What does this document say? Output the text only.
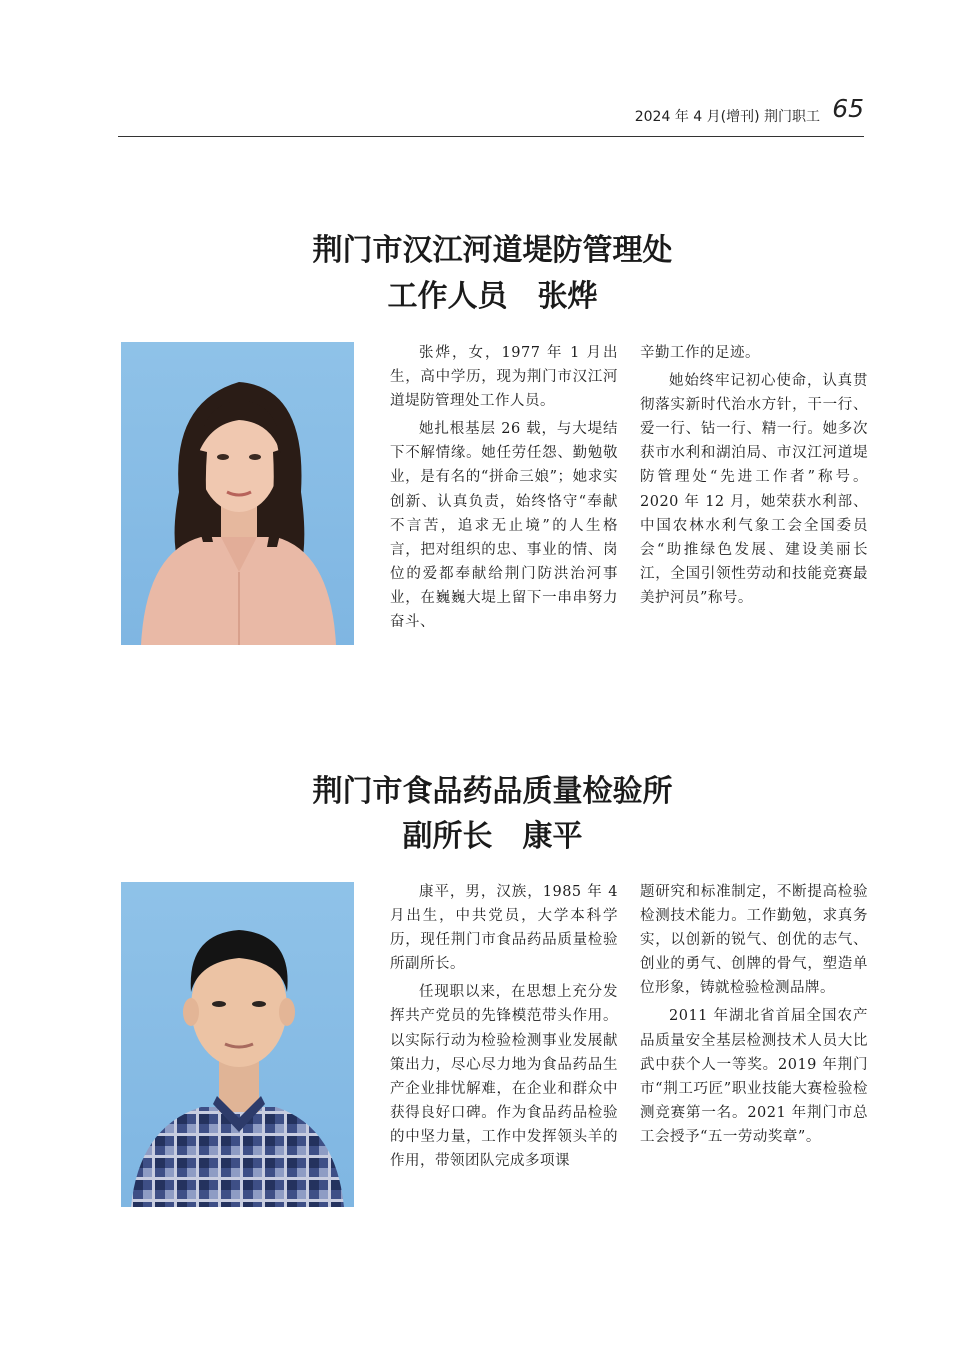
2024 年 4 月(增刊) 荆门职工 65
荆门市汉江河道堤防管理处
工作人员　张烨

张烨，女，1977 年 1 月出生，高中学历，现为荆门市汉江河道堤防管理处工作人员。

她扎根基层 26 载，与大堤结下不解情缘。她任劳任怨、勤勉敬业，是有名的“拼命三娘”；她求实创新、认真负责，始终恪守“奉献不言苦，追求无止境”的人生格言，把对组织的忠、事业的情、岗位的爱都奉献给荆门防洪治河事业，在巍巍大堤上留下一串串努力奋斗、

辛勤工作的足迹。

她始终牢记初心使命，认真贯彻落实新时代治水方针，干一行、爱一行、钻一行、精一行。她多次获市水利和湖泊局、市汉江河道堤防管理处“先进工作者”称号。2020 年 12 月，她荣获水利部、中国农林水利气象工会全国委员会“助推绿色发展、建设美丽长江，全国引领性劳动和技能竞赛最美护河员”称号。

荆门市食品药品质量检验所
副所长　康平

康平，男，汉族，1985 年 4 月出生，中共党员，大学本科学历，现任荆门市食品药品质量检验所副所长。

任现职以来，在思想上充分发挥共产党员的先锋模范带头作用。以实际行动为检验检测事业发展献策出力，尽心尽力地为食品药品生产企业排忧解难，在企业和群众中获得良好口碑。作为食品药品检验的中坚力量，工作中发挥领头羊的作用，带领团队完成多项课

题研究和标准制定，不断提高检验检测技术能力。工作勤勉，求真务实，以创新的锐气、创优的志气、创业的勇气、创牌的骨气，塑造单位形象，铸就检验检测品牌。

2011 年湖北省首届全国农产品质量安全基层检测技术人员大比武中获个人一等奖。2019 年荆门市“荆工巧匠”职业技能大赛检验检测竞赛第一名。2021 年荆门市总工会授予“五一劳动奖章”。
